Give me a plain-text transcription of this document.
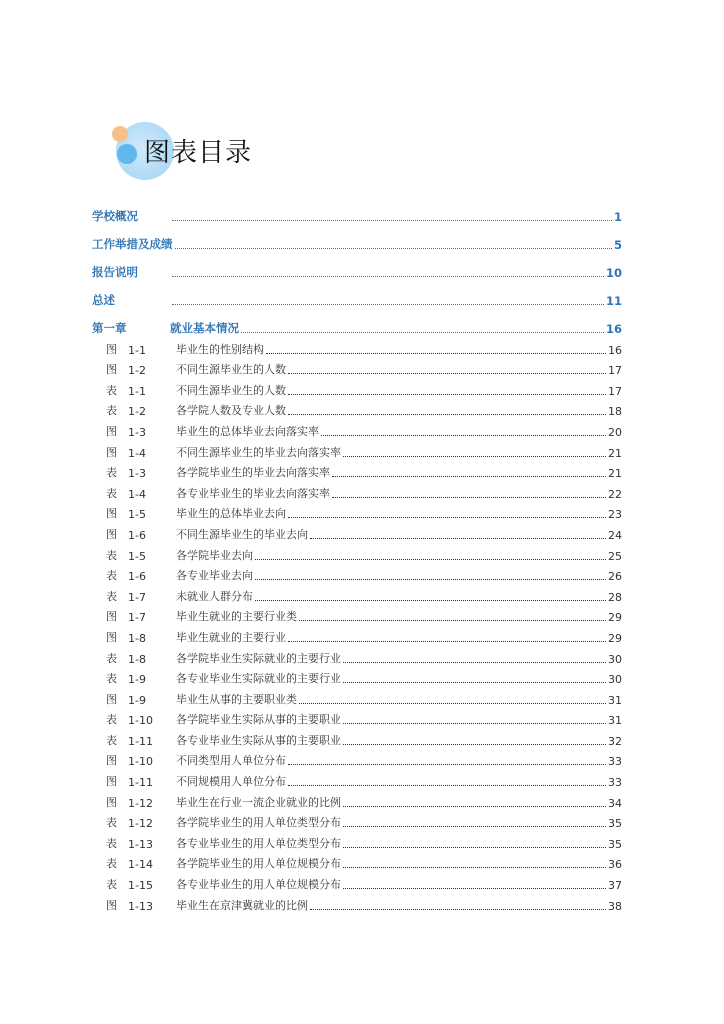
图表目录
学校概况	1
工作举措及成绩	5
报告说明	10
总述	11
第一章	就业基本情况	16
图	1-1	毕业生的性别结构	16
图	1-2	不同生源毕业生的人数	17
表	1-1	不同生源毕业生的人数	17
表	1-2	各学院人数及专业人数	18
图	1-3	毕业生的总体毕业去向落实率	20
图	1-4	不同生源毕业生的毕业去向落实率	21
表	1-3	各学院毕业生的毕业去向落实率	21
表	1-4	各专业毕业生的毕业去向落实率	22
图	1-5	毕业生的总体毕业去向	23
图	1-6	不同生源毕业生的毕业去向	24
表	1-5	各学院毕业去向	25
表	1-6	各专业毕业去向	26
表	1-7	未就业人群分布	28
图	1-7	毕业生就业的主要行业类	29
图	1-8	毕业生就业的主要行业	29
表	1-8	各学院毕业生实际就业的主要行业	30
表	1-9	各专业毕业生实际就业的主要行业	30
图	1-9	毕业生从事的主要职业类	31
表	1-10	各学院毕业生实际从事的主要职业	31
表	1-11	各专业毕业生实际从事的主要职业	32
图	1-10	不同类型用人单位分布	33
图	1-11	不同规模用人单位分布	33
图	1-12	毕业生在行业一流企业就业的比例	34
表	1-12	各学院毕业生的用人单位类型分布	35
表	1-13	各专业毕业生的用人单位类型分布	35
表	1-14	各学院毕业生的用人单位规模分布	36
表	1-15	各专业毕业生的用人单位规模分布	37
图	1-13	毕业生在京津冀就业的比例	38
